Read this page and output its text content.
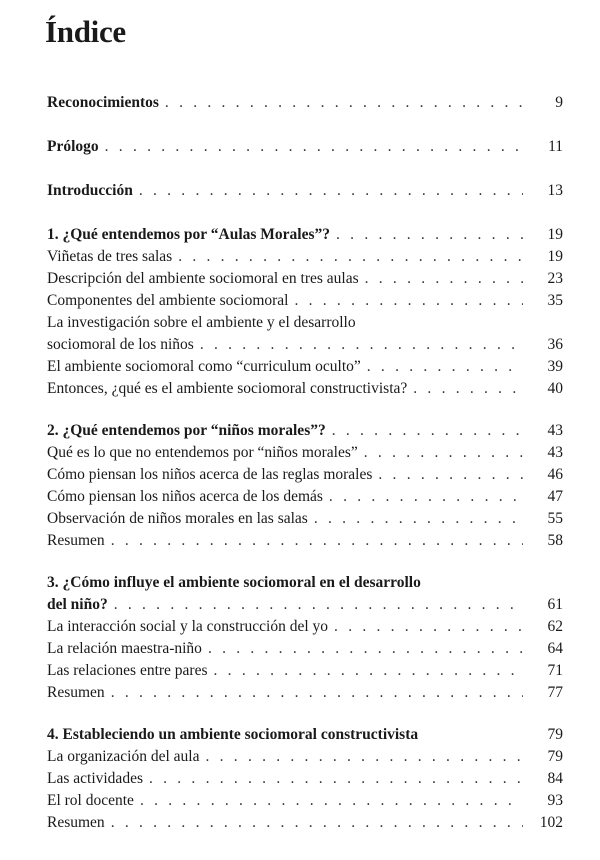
Índice
Reconocimientos . . .	9
Prólogo . . .	11
Introducción . . .	13
1. ¿Qué entendemos por “Aulas Morales”? . . .	19
Viñetas de tres salas . . .	19
Descripción del ambiente sociomoral en tres aulas . . .	23
Componentes del ambiente sociomoral . . .	35
La investigación sobre el ambiente y el desarrollo
sociomoral de los niños . . .	36
El ambiente sociomoral como “curriculum oculto” . . .	39
Entonces, ¿qué es el ambiente sociomoral constructivista? . . .	40
2. ¿Qué entendemos por “niños morales”? . . .	43
Qué es lo que no entendemos por “niños morales” . . .	43
Cómo piensan los niños acerca de las reglas morales . . .	46
Cómo piensan los niños acerca de los demás . . .	47
Observación de niños morales en las salas . . .	55
Resumen . . .	58
3. ¿Cómo influye el ambiente sociomoral en el desarrollo
del niño? . . .	61
La interacción social y la construcción del yo . . .	62
La relación maestra-niño . . .	64
Las relaciones entre pares . . .	71
Resumen . . .	77
4. Estableciendo un ambiente sociomoral constructivista	79
La organización del aula . . .	79
Las actividades . . .	84
El rol docente . . .	93
Resumen . . .	102
